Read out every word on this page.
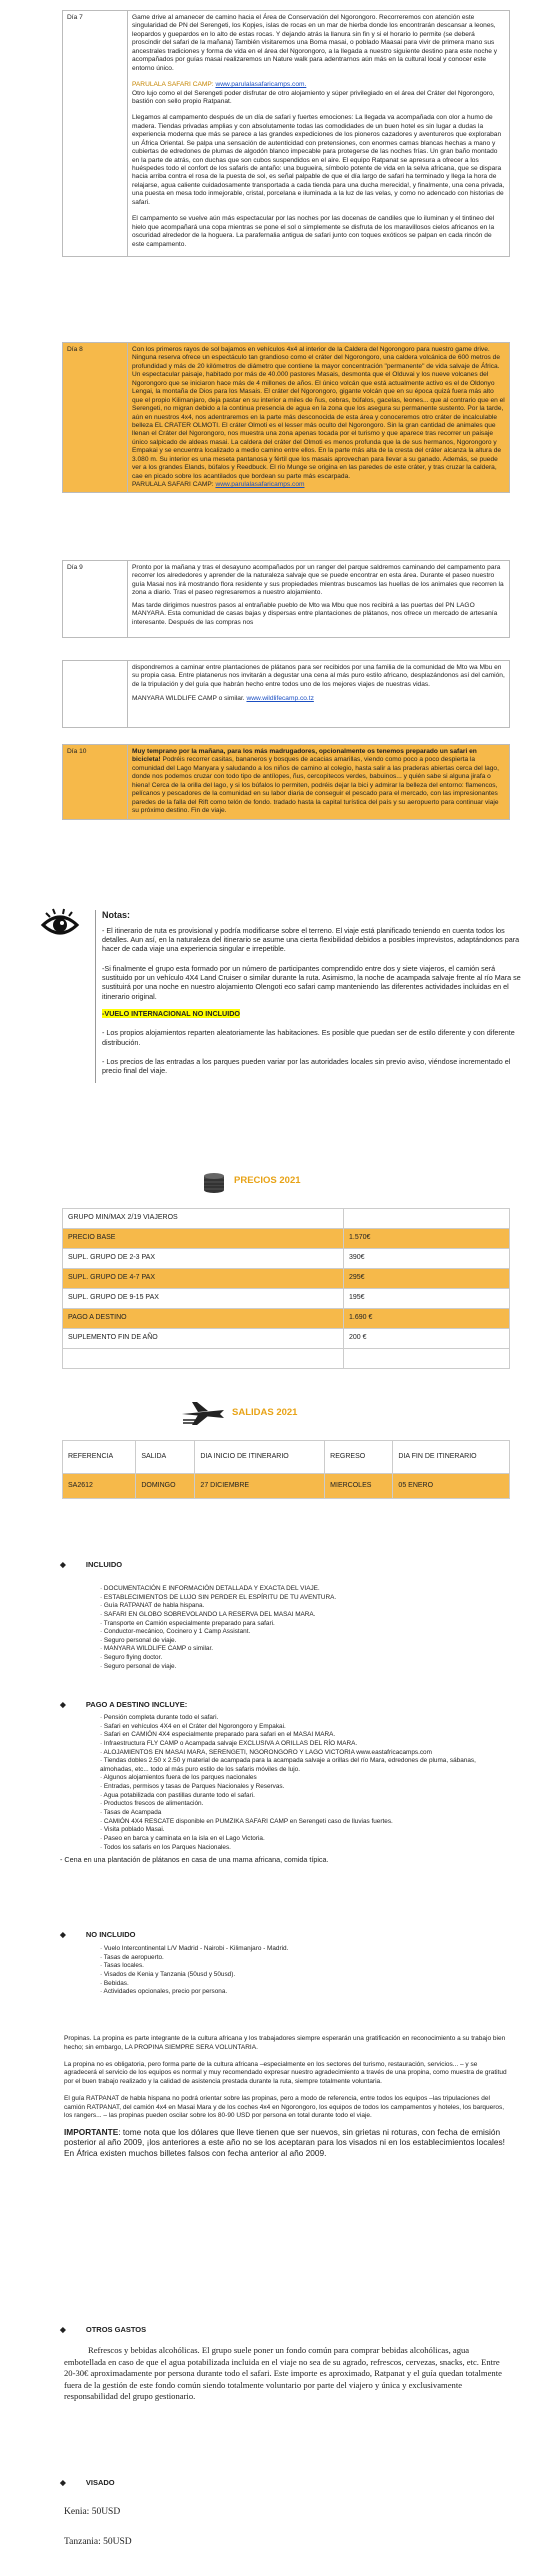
Día 7	Game drive al amanecer de camino hacia el Área de Conservación del Ngorongoro. Recorreremos con atención este singularidad de PN del Serengeti, los Kopjes, islas de rocas en un mar de hierba donde los encontrarán descansar a leones, leopardos y guepardos en lo alto de estas rocas. Y dejando atrás la llanura sin fin y si el horario lo permite (se deberá proscindir del safari de la mañana) También visitaremos una Boma masai, o poblado Maasai para vivir de primera mano sus ancestrales tradiciones y forma de vida en el área del Ngorongoro, a la llegada a nuestro siguiente destino para este noche y acompañados por guías masai realizaremos un Nature walk para adentrarnos aún más en la cultural local y conocer este entorno único.

PARULALA SAFARI CAMP: www.parulalasafaricamps.com.
Otro lujo como el del Serengeti poder disfrutar de otro alojamiento y súper privilegiado en el área del Cráter del Ngorongoro, bastión con sello propio Ratpanat.

Llegamos al campamento después de un día de safari y fuertes emociones: La llegada va acompañada con olor a humo de madera. Tiendas privadas amplias y con absolutamente todas las comodidades de un buen hotel es sin lugar a dudas la experiencia moderna que más se parece a las grandes expediciones de los pioneros cazadores y aventureros que exploraban un África Oriental. Se palpa una sensación de autenticidad con pretensiones, con enormes camas blancas hechas a mano y cubiertas de edredones de plumas de algodón blanco impecable para protegerse de las noches frías. Un gran baño montado en la parte de atrás, con duchas que son cubos suspendidos en el aire. El equipo Ratpanat se apresura a ofrecer a los huéspedes todo el confort de los safaris de antaño: una bugueira, símbolo potente de vida en la selva africana, que se dispara hacia arriba contra el rosa de la puesta de sol, es señal palpable de que el día largo de safari ha terminado y llega la hora de relajarse, agua caliente cuidadosamente transportada a cada tienda para una ducha merecida!, y finalmente, una cena privada, una puesta en mesa todo inmejorable, cristal, porcelana e iluminada a la luz de las velas, y como no adencado con historias de safari.

El campamento se vuelve aún más espectacular por las noches por las docenas de candiles que lo iluminan y el tintineo del hielo que acompañará una copa mientras se pone el sol o simplemente se disfruta de los maravillosos cielos africanos en la oscuridad alrededor de la hoguera. La parafernalia antigua de safari junto con toques exóticos se palpan en cada rincón de este campamento.

Día 8	Con los primeros rayos de sol bajamos en vehículos 4x4 al interior de la Caldera del Ngorongoro para nuestro game drive. Ninguna reserva ofrece un espectáculo tan grandioso como el cráter del Ngorongoro, una caldera volcánica de 600 metros de profundidad y más de 20 kilómetros de diámetro que contiene la mayor concentración "permanente" de vida salvaje de África. Un espectacular paisaje, habitado por más de 40.000 pastores Masais, desmonta que el Olduvai y los nueve volcanes del Ngorongoro que se iniciaron hace más de 4 millones de años. El único volcán que está actualmente activo es el de Oldonyo Lengai, la montaña de Dios para los Masais. El cráter del Ngorongoro, gigante volcán que en su época quizá fuera más alto que el propio Kilimanjaro, deja pastar en su interior a miles de ñus, cebras, búfalos, gacelas, leones... que al contrario que en el Serengeti, no migran debido a la continua presencia de agua en la zona que los asegura su permanente sustento. Por la tarde, aún en nuestros 4x4, nos adentraremos en la parte más desconocida de esta área y conoceremos otro cráter de incalculable belleza EL CRATER OLMOTI. El cráter Olmoti es el lesser más oculto del Ngorongoro. Sin la gran cantidad de animales que llenan el Cráter del Ngorongoro, nos muestra una zona apenas tocada por el turismo y que aparece tras recorrer un paisaje único salpicado de aldeas masai. La caldera del cráter del Olmoti es menos profunda que la de sus hermanos, Ngorongoro y Empakai y se encuentra localizado a medio camino entre ellos. En la parte más alta de la cresta del cráter alcanza la altura de 3.080 m. Su interior es una meseta pantanosa y fértil que los masais aprovechan para llevar a su ganado. Además, se puede ver a los grandes Elands, búfalos y Reedbuck. El río Munge se origina en las paredes de este cráter, y tras cruzar la caldera, cae en picado sobre los acantilados que bordean su parte más escarpada.
PARULALA SAFARI CAMP: www.parulalasafaricamps.com

Día 9	Pronto por la mañana y tras el desayuno acompañados por un ranger del parque saldremos caminando del campamento para recorrer los alrededores y aprender de la naturaleza salvaje que se puede encontrar en esta área. Durante el paseo nuestro guía Masai nos irá mostrando flora residente y sus propiedades mientras buscamos las huellas de los animales que recorren la zona a diario. Tras el paseo regresaremos a nuestro alojamiento.

Mas tarde dirigimos nuestros pasos al entrañable pueblo de Mto wa Mbu que nos recibirá a las puertas del PN LAGO MANYARA. Esta comunidad de casas bajas y dispersas entre plantaciones de plátanos, nos ofrece un mercado de artesanía interesante. Después de las compras nos

dispondremos a caminar entre plantaciones de plátanos para ser recibidos por una familia de la comunidad de Mto wa Mbu en su propia casa. Entre platanerus nos invitarán a degustar una cena al más puro estilo africano, desplazándonos así del camión, de la tripulación y del guía que habrán hecho entre todos uno de los mejores viajes de nuestras vidas.

MANYARA WILDLIFE CAMP o similar. www.wildlifecamp.co.tz

Día 10	Muy temprano por la mañana, para los más madrugadores, opcionalmente os tenemos preparado un safari en bicicleta! Podréis recorrer casitas, bananeros y bosques de acacias amarillas, viendo como poco a poco despierta la comunidad del Lago Manyara y saludando a los niños de camino al colegio, hasta salir a las praderas abiertas cerca del lago, donde nos podemos cruzar con todo tipo de antílopes, ñus, cercopitecos verdes, babuinos... y quién sabe si alguna jirafa o hiena! Cerca de la orilla del lago, y si los búfalos lo permiten, podréis dejar la bici y admirar la belleza del entorno: flamencos, pelícanos y pescadores de la comunidad en su labor diaria de conseguir el pescado para el mercado, con las impresionantes paredes de la falla del Rift como telón de fondo. tradado hasta la capital turística del país y su aeropuerto para continuar viaje su próximo destino. Fin de viaje.

Notas:

- El itinerario de ruta es provisional y podría modificarse sobre el terreno. El viaje está planificado teniendo en cuenta todos los detalles. Aun así, en la naturaleza del itinerario se asume una cierta flexibilidad debidos a posibles imprevistos, adaptándonos para hacer de cada viaje una experiencia singular e irrepetible.

-Si finalmente el grupo esta formado por un número de participantes comprendido entre dos y siete viajeros, el camión será sustituido por un vehículo 4X4 Land Cruiser o similar durante la ruta. Asimismo, la noche de acampada salvaje frente al río Mara se sustituirá por una noche en nuestro alojamiento Olengoti eco safari camp manteniendo las diferentes actividades incluidas en el itinerario original.

-VUELO INTERNACIONAL NO INCLUIDO

- Los propios alojamientos reparten aleatoriamente las habitaciones. Es posible que puedan ser de estilo diferente y con diferente distribución.

- Los precios de las entradas a los parques pueden variar por las autoridades locales sin previo aviso, viéndose incrementado el precio final del viaje.

PRECIOS 2021
GRUPO MIN/MAX 2/19 VIAJEROS	
PRECIO BASE	1.570€
SUPL. GRUPO DE 2-3 PAX	390€
SUPL. GRUPO DE 4-7 PAX	295€
SUPL. GRUPO DE 9-15 PAX	195€
PAGO A DESTINO	1.690 €
SUPLEMENTO FIN DE AÑO	200 €

SALIDAS 2021
REFERENCIA	SALIDA	DIA INICIO DE ITINERARIO	REGRESO	DIA FIN DE ITINERARIO
SA2612	DOMINGO	27 DICIEMBRE	MIERCOLES	05 ENERO
◆ INCLUIDO
· DOCUMENTACIÓN E INFORMACIÓN DETALLADA Y EXACTA DEL VIAJE.
· ESTABLECIMIENTOS DE LUJO SIN PERDER EL ESPÍRITU DE TU AVENTURA.
· Guía RATPANAT de habla hispana.
· SAFARI EN GLOBO SOBREVOLANDO LA RESERVA DEL MASAI MARA.
· Transporte en Camión especialmente preparado para safari.
· Conductor-mecánico, Cocinero y 1 Camp Assistant.
· Seguro personal de viaje.
· MANYARA WILDLIFE CAMP o similar.
· Seguro flying doctor.
· Seguro personal de viaje.
◆ PAGO A DESTINO INCLUYE:
· Pensión completa durante todo el safari.
· Safari en vehículos 4X4 en el Cráter del Ngorongoro y Empakai.
· Safari en CAMIÓN 4X4 especialmente preparado para safari en el MASAI MARA.
· Infraestructura FLY CAMP o Acampada salvaje EXCLUSIVA A ORILLAS DEL RÍO MARA.
· ALOJAMIENTOS EN MASAI MARA, SERENGETI, NGORONGORO Y LAGO VICTORIA www.eastafricacamps.com
· Tiendas dobles 2.50 x 2.50 y material de acampada para la acampada salvaje a orillas del río Mara, edredones de pluma, sábanas, almohadas, etc... todo al más puro estilo de los safaris móviles de lujo.
· Algunos alojamientos fuera de los parques nacionales
· Entradas, permisos y tasas de Parques Nacionales y Reservas.
· Agua potabilizada con pastillas durante todo el safari.
· Productos frescos de alimentación.
· Tasas de Acampada
· CAMIÓN 4X4 RESCATE disponible en PUMZIKA SAFARI CAMP en Serengeti caso de lluvias fuertes.
· Visita poblado Masai.
· Paseo en barca y caminata en la isla en el Lago Victoria.
· Todos los safaris en los Parques Nacionales.
- Cena en una plantación de plátanos en casa de una mama africana, comida típica.
◆ NO INCLUIDO
· Vuelo Intercontinental L/V Madrid - Nairobi - Kilimanjaro - Madrid.
· Tasas de aeropuerto.
· Tasas locales.
· Visados de Kenia y Tanzania (50usd y 50usd).
· Bebidas.
· Actividades opcionales, precio por persona.

Propinas. La propina es parte integrante de la cultura africana y los trabajadores siempre esperarán una gratificación en reconocimiento a su trabajo bien hecho; sin embargo, LA PROPINA SIEMPRE SERA VOLUNTARIA.

La propina no es obligatoria, pero forma parte de la cultura africana –especialmente en los sectores del turismo, restauración, servicios... – y se agradecerá el servicio de los equipos es normal y muy recomendado expresar nuestro agradecimiento a través de una propina, como muestra de gratitud por el buen trabajo realizado y la calidad de asistencia prestada durante la ruta, siempre totalmente voluntaria.

El guía RATPANAT de habla hispana no podrá orientar sobre las propinas, pero a modo de referencia, entre todos los equipos –las tripulaciones del camión RATPANAT, del camión 4x4 en Masai Mara y de los coches 4x4 en Ngorongoro, los equipos de todos los campamentos y hoteles, los barqueros, los rangers... – las propinas pueden oscilar sobre los 80-90 USD por persona en total durante todo el viaje.

IMPORTANTE: tome nota que los dólares que lleve tienen que ser nuevos, sin grietas ni roturas, con fecha de emisión posterior al año 2009, ¡los anteriores a este año no se los aceptaran para los visados ni en los establecimientos locales! En África existen muchos billetes falsos con fecha anterior al año 2009.

◆ OTROS GASTOS
Refrescos y bebidas alcohólicas. El grupo suele poner un fondo común para comprar bebidas alcohólicas, agua embotellada en caso de que el agua potabilizada incluida en el viaje no sea de su agrado, refrescos, cervezas, snacks, etc. Entre 20-30€ aproximadamente por persona durante todo el safari. Este importe es aproximado, Ratpanat y el guía quedan totalmente fuera de la gestión de este fondo común siendo totalmente voluntario por parte del viajero y única y exclusivamente responsabilidad del grupo gestionario.
◆ VISADO
Kenia: 50USD
Tanzania: 50USD
